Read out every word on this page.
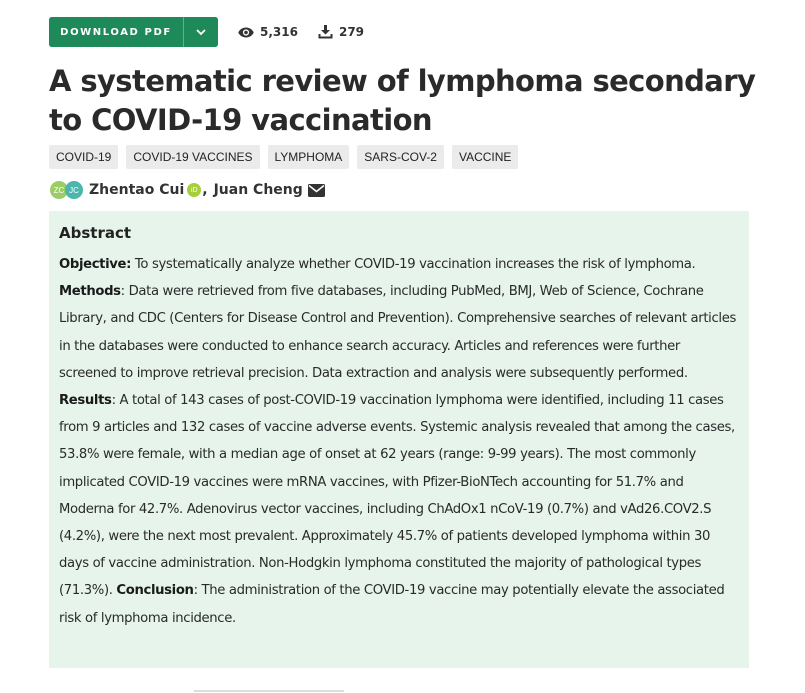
DOWNLOAD PDF	5,316	279
A systematic review of lymphoma secondary to COVID-19 vaccination
COVID-19	COVID-19 VACCINES	LYMPHOMA	SARS-COV-2	VACCINE
ZC JC Zhentao Cui iD , Juan Cheng
Abstract

Objective: To systematically analyze whether COVID-19 vaccination increases the risk of lymphoma. Methods: Data were retrieved from five databases, including PubMed, BMJ, Web of Science, Cochrane Library, and CDC (Centers for Disease Control and Prevention). Comprehensive searches of relevant articles in the databases were conducted to enhance search accuracy. Articles and references were further screened to improve retrieval precision. Data extraction and analysis were subsequently performed. Results: A total of 143 cases of post-COVID-19 vaccination lymphoma were identified, including 11 cases from 9 articles and 132 cases of vaccine adverse events. Systemic analysis revealed that among the cases, 53.8% were female, with a median age of onset at 62 years (range: 9-99 years). The most commonly implicated COVID-19 vaccines were mRNA vaccines, with Pfizer-BioNTech accounting for 51.7% and Moderna for 42.7%. Adenovirus vector vaccines, including ChAdOx1 nCoV-19 (0.7%) and vAd26.COV2.S (4.2%), were the next most prevalent. Approximately 45.7% of patients developed lymphoma within 30 days of vaccine administration. Non-Hodgkin lymphoma constituted the majority of pathological types (71.3%). Conclusion: The administration of the COVID-19 vaccine may potentially elevate the associated risk of lymphoma incidence.
